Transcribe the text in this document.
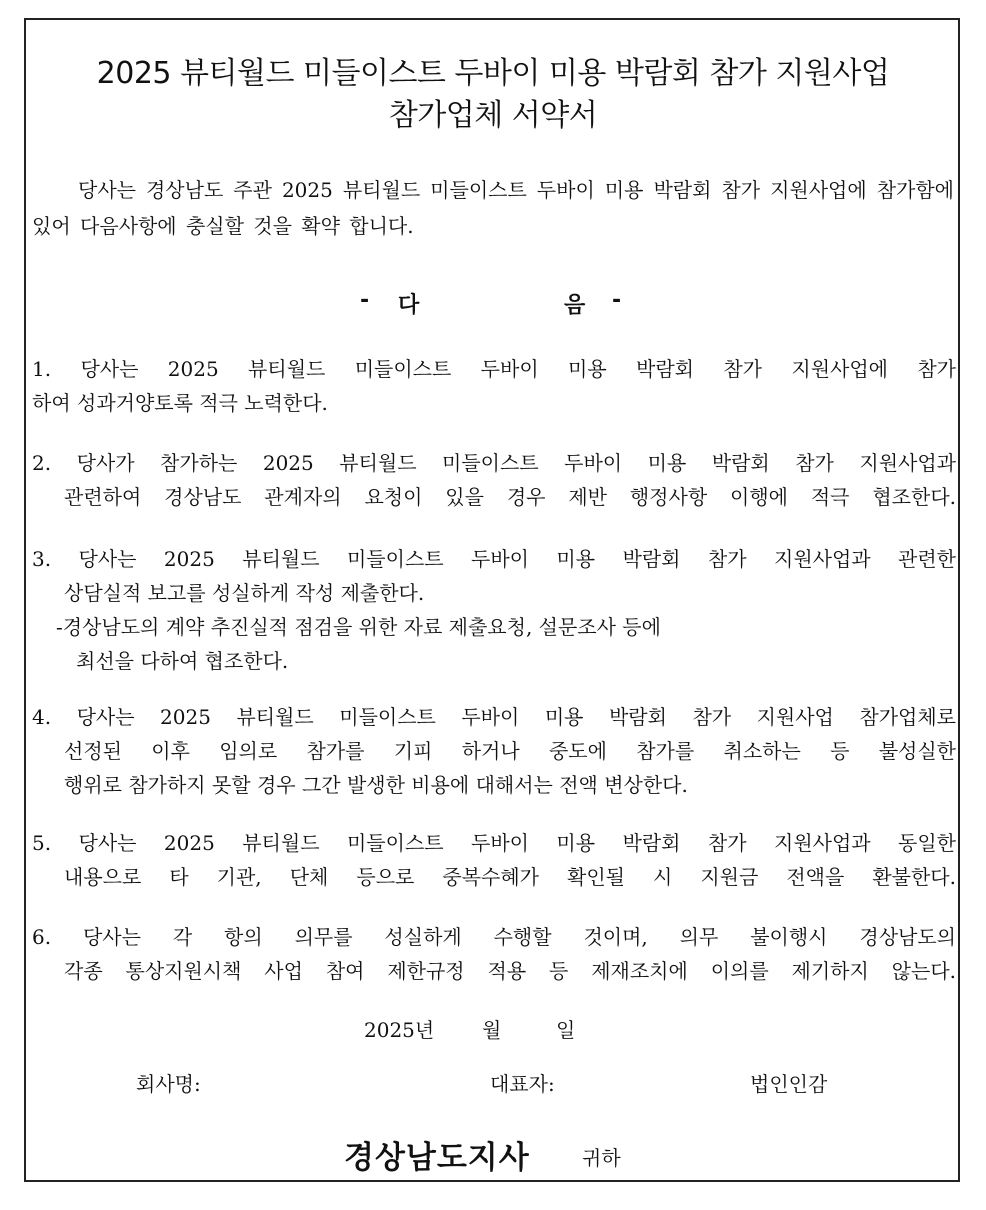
2025 뷰티월드 미들이스트 두바이 미용 박람회 참가 지원사업
참가업체 서약서
당사는 경상남도 주관 2025 뷰티월드 미들이스트 두바이 미용 박람회 참가 지원사업에 참가함에 있어 다음사항에 충실할 것을 확약 합니다.
- 다	음 -
1. 당사는 2025 뷰티월드 미들이스트 두바이 미용 박람회 참가 지원사업에 참가
하여 성과거양토록 적극 노력한다.
2. 당사가 참가하는 2025 뷰티월드 미들이스트 두바이 미용 박람회 참가 지원사업과
관련하여 경상남도 관계자의 요청이 있을 경우 제반 행정사항 이행에 적극 협조한다.
3. 당사는 2025 뷰티월드 미들이스트 두바이 미용 박람회 참가 지원사업과 관련한
상담실적 보고를 성실하게 작성 제출한다.
-경상남도의 계약 추진실적 점검을 위한 자료 제출요청, 설문조사 등에
최선을 다하여 협조한다.
4. 당사는 2025 뷰티월드 미들이스트 두바이 미용 박람회 참가 지원사업 참가업체로
선정된 이후 임의로 참가를 기피 하거나 중도에 참가를 취소하는 등 불성실한
행위로 참가하지 못할 경우 그간 발생한 비용에 대해서는 전액 변상한다.
5. 당사는 2025 뷰티월드 미들이스트 두바이 미용 박람회 참가 지원사업과 동일한
내용으로 타 기관, 단체 등으로 중복수혜가 확인될 시 지원금 전액을 환불한다.
6. 당사는 각 항의 의무를 성실하게 수행할 것이며, 의무 불이행시 경상남도의
각종 통상지원시책 사업 참여 제한규정 적용 등 제재조치에 이의를 제기하지 않는다.
2025년 월	일
회사명:	대표자:	법인인감
경상남도지사	귀하
